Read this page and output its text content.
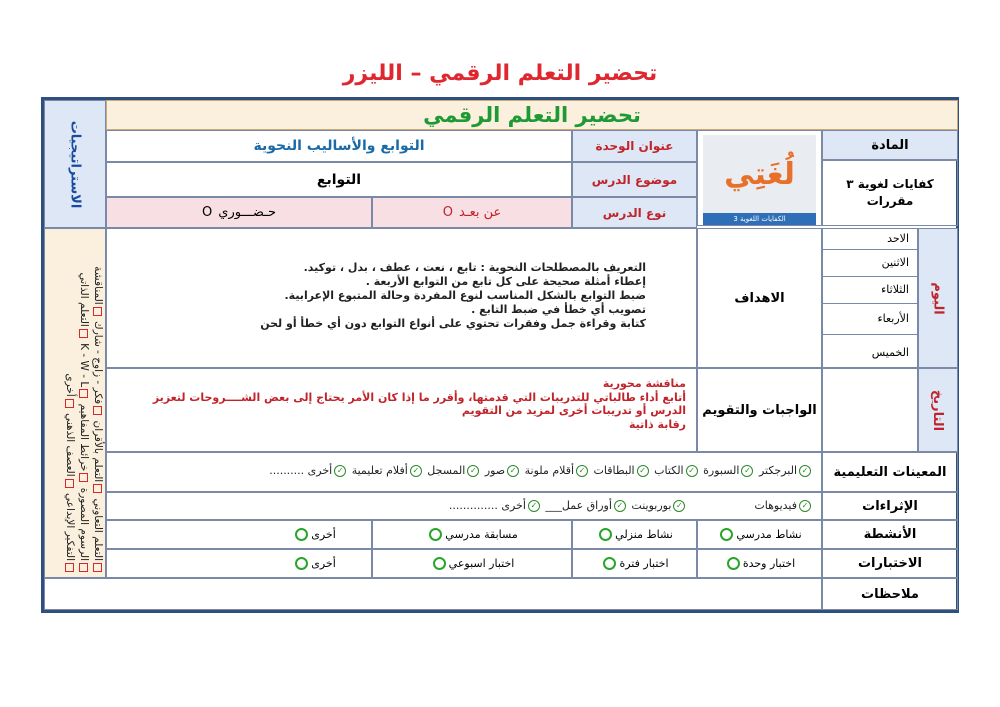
تحضير التعلم الرقمي – الليزر
تحضير التعلم الرقمي
الاستراتيجيات
التعلم التعاوني التعلم بالأقران فكر - زاوج - شارك المناقشة
الرسوم المصورة خرائط المفاهيم K - W - L التعلم الذاتي
التفكير الإبداعي العصف الذهني أخرى
المادة
كفايات لغوية ٣ مقررات
لُغَتِي
الكفايات اللغوية 3
عنوان الوحدة
التوابع والأساليب النحوية
موضوع الدرس
التوابع
نوع الدرس
عن بعـد
O
حـضـــوري
O
اليوم
الاحد
الاثنين
الثلاثاء
الأربعاء
الخميس
الاهداف
التعريف بالمصطلحات النحوية : تابع ، نعت ، عطف ، بدل ، توكيد.
إعطاء أمثلة صحيحة على كل تابع من التوابع الأربعة .
ضبط التوابع بالشكل المناسب لنوع المفردة وحالة المتبوع الإعرابية.
تصويب أي خطأ في ضبط التابع .
كتابة وقراءة جمل وفقرات تحتوي على أنواع التوابع دون أي خطأ أو لحن
التاريخ
الواجبات والتقويم
مناقشة محورية
أتابع أداء طالباتي للتدريبات التي قدمتها، وأقرر ما إذا كان الأمر يحتاج إلى بعض الشــــروحات لتعزيز الدرس أو تدريبات أخرى لمزيد من التقويم
رقابة ذاتية
المعينات التعليمية
✓البرجكتر ✓السبورة ✓الكتاب ✓البطاقات ✓أقلام ملونة ✓صور ✓المسجل ✓أفلام تعليمية ✓أخرى ..........
الإثراءات
✓فيديوهات  ✓بوربوينت ✓أوراق عمل___ ✓أخرى ..............
الأنشطة
نشاط مدرسي
نشاط منزلي
مسابقة مدرسي
أخرى
الاختبارات
اختبار وحدة
اختبار فترة
اختبار اسبوعي
أخرى
ملاحظات
